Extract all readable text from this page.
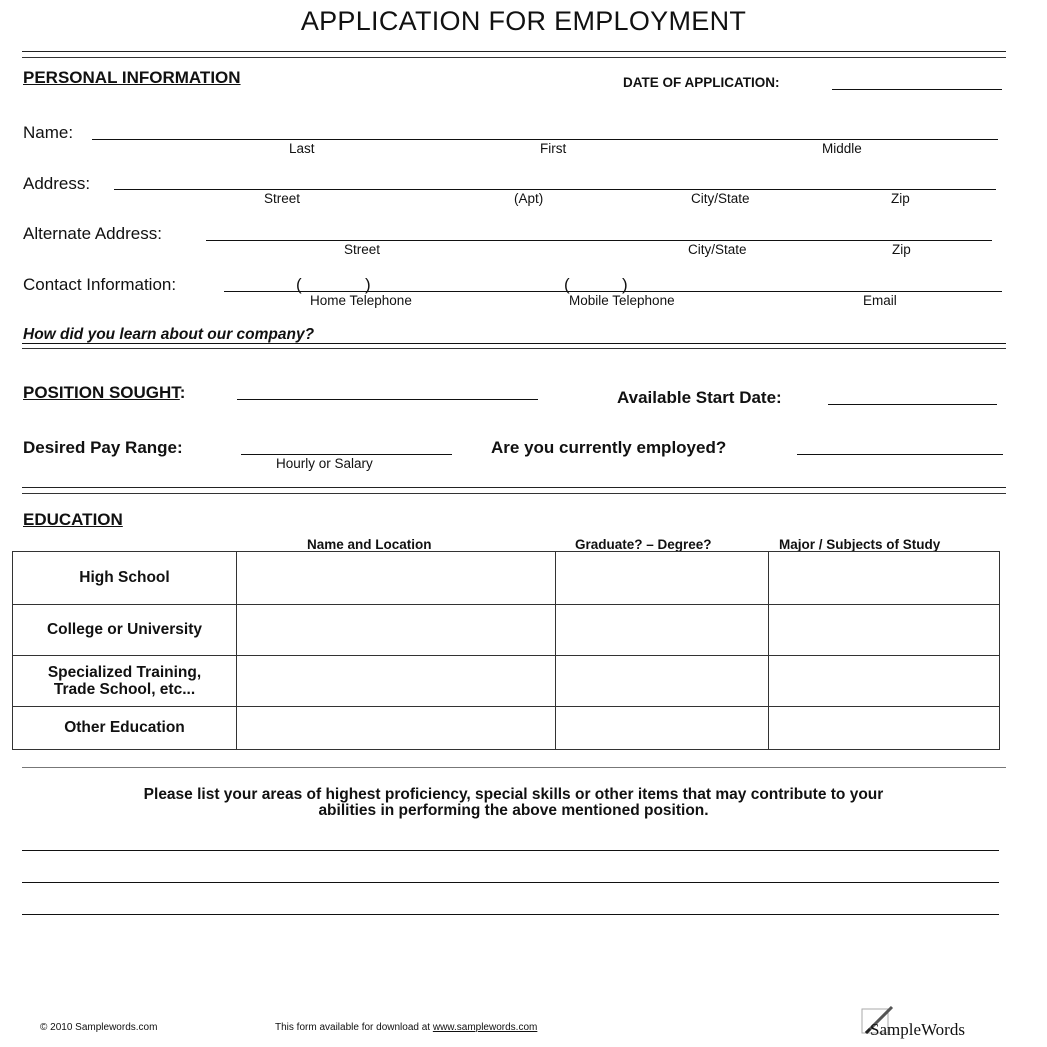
APPLICATION FOR EMPLOYMENT
PERSONAL INFORMATION	DATE OF APPLICATION:
Name:
Last	First	Middle
Address:
Street	(Apt)	City/State	Zip
Alternate Address:
Street	City/State	Zip
Contact Information:	(	)	(	)
Home Telephone	Mobile Telephone	Email
How did you learn about our company?
POSITION SOUGHT:	Available Start Date:
Desired Pay Range:
Hourly or Salary
Are you currently employed?
EDUCATION
Name and Location	Graduate? – Degree?	Major / Subjects of Study
High School			
College or University			
Specialized Training,
Trade School, etc...			
Other Education			
Please list your areas of highest proficiency, special skills or other items that may contribute to your
abilities in performing the above mentioned position.
© 2010 Samplewords.com	This form available for download at www.samplewords.com	SampleWords
